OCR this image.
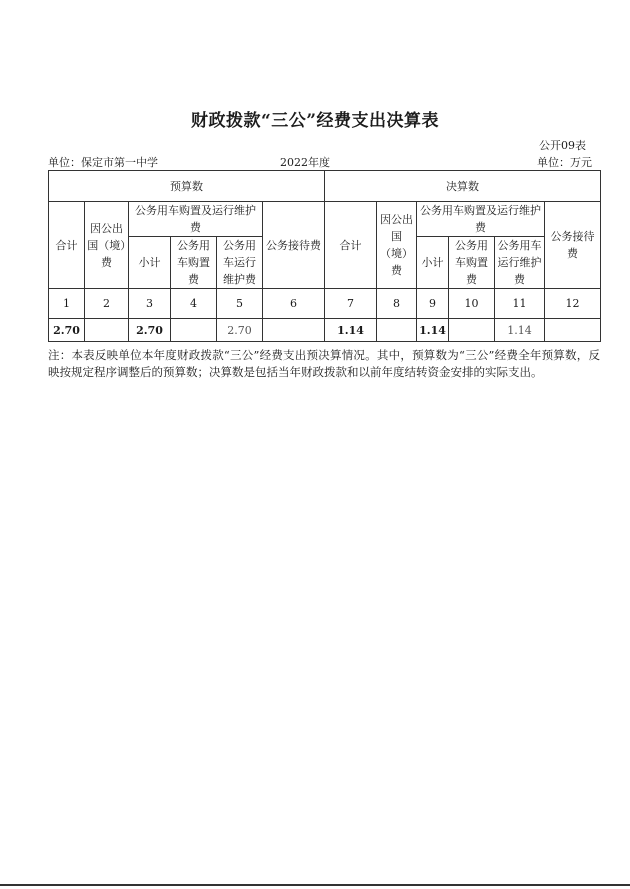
财政拨款“三公”经费支出决算表
公开09表
单位：保定市第一中学	2022年度	单位：万元
预算数						决算数					
合计	因公出国（境）费	公务用车购置及运行维护费			公务接待费	合计	因公出国（境）费	公务用车购置及运行维护费			公务接待费
		小计	公务用车购置费	公务用车运行维护费				小计	公务用车购置费	公务用车运行维护费	
1	2	3	4	5	6	7	8	9	10	11	12
2.70		2.70		2.70		1.14		1.14		1.14	
注：本表反映单位本年度财政拨款“三公”经费支出预决算情况。其中，预算数为“三公”经费全年预算数，反映按规定程序调整后的预算数；决算数是包括当年财政拨款和以前年度结转资金安排的实际支出。
